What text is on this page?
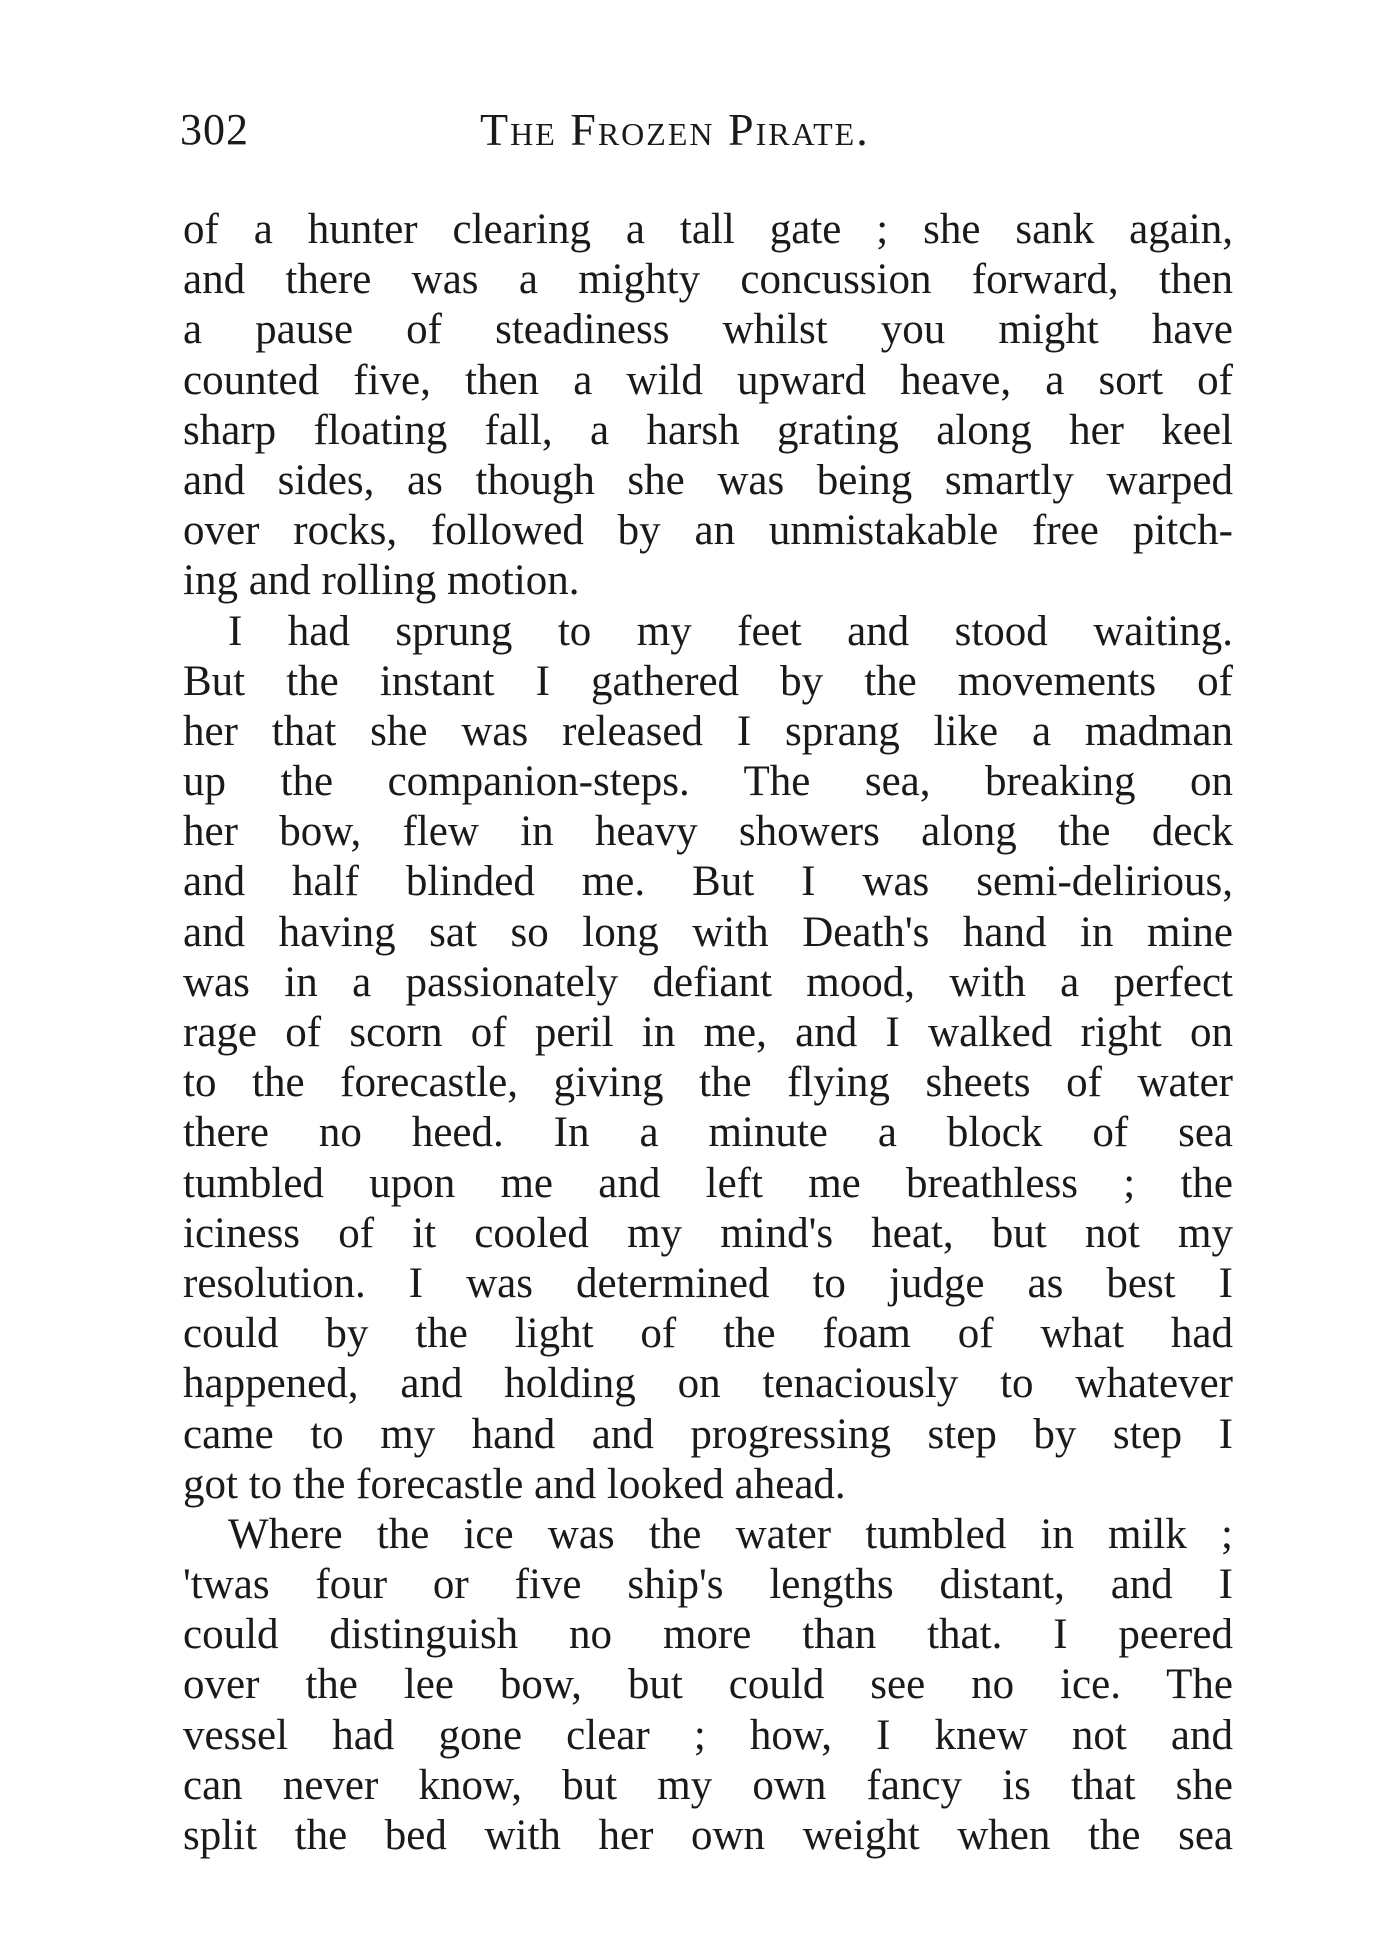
302	The Frozen Pirate.
of a hunter clearing a tall gate ; she sank again,
and there was a mighty concussion forward, then
a pause of steadiness whilst you might have
counted five, then a wild upward heave, a sort of
sharp floating fall, a harsh grating along her keel
and sides, as though she was being smartly warped
over rocks, followed by an unmistakable free pitch-
ing and rolling motion.
I had sprung to my feet and stood waiting.
But the instant I gathered by the movements of
her that she was released I sprang like a madman
up the companion-steps. The sea, breaking on
her bow, flew in heavy showers along the deck
and half blinded me. But I was semi-delirious,
and having sat so long with Death's hand in mine
was in a passionately defiant mood, with a perfect
rage of scorn of peril in me, and I walked right on
to the forecastle, giving the flying sheets of water
there no heed. In a minute a block of sea
tumbled upon me and left me breathless ; the
iciness of it cooled my mind's heat, but not my
resolution. I was determined to judge as best I
could by the light of the foam of what had
happened, and holding on tenaciously to whatever
came to my hand and progressing step by step I
got to the forecastle and looked ahead.
Where the ice was the water tumbled in milk ;
'twas four or five ship's lengths distant, and I
could distinguish no more than that. I peered
over the lee bow, but could see no ice. The
vessel had gone clear ; how, I knew not and
can never know, but my own fancy is that she
split the bed with her own weight when the sea
